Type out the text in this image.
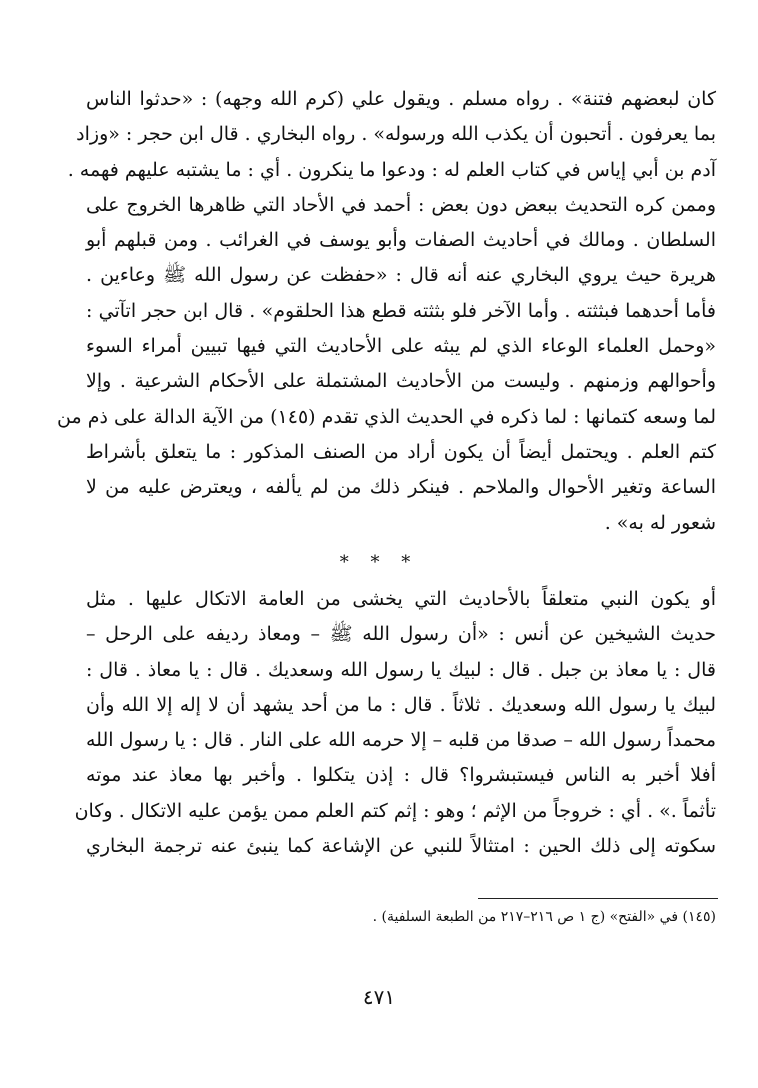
كان لبعضهم فتنة» . رواه مسلم . ويقول علي (كرم الله وجهه) : «حدثوا الناس
بما يعرفون . أتحبون أن يكذب الله ورسوله» . رواه البخاري . قال ابن حجر : «وزاد
آدم بن أبي إياس في كتاب العلم له : ودعوا ما ينكرون . أي : ما يشتبه عليهم فهمه .
وممن كره التحديث ببعض دون بعض : أحمد في الأحاد التي ظاهرها الخروج على
السلطان . ومالك في أحاديث الصفات وأبو يوسف في الغرائب . ومن قبلهم أبو
هريرة حيث يروي البخاري عنه أنه قال : «حفظت عن رسول الله ﷺ وعاءين .
فأما أحدهما فبثثته . وأما الآخر فلو بثثته قطع هذا الحلقوم» . قال ابن حجر اتآتي :
«وحمل العلماء الوعاء الذي لم يبثه على الأحاديث التي فيها تبيين أمراء السوء
وأحوالهم وزمنهم . وليست من الأحاديث المشتملة على الأحكام الشرعية . وإلا
لما وسعه كتمانها : لما ذكره في الحديث الذي تقدم (١٤٥) من الآية الدالة على ذم من
كتم العلم . ويحتمل أيضاً أن يكون أراد من الصنف المذكور : ما يتعلق بأشراط
الساعة وتغير الأحوال والملاحم . فينكر ذلك من لم يألفه ، ويعترض عليه من لا
شعور له به» .
* * *
أو يكون النبي متعلقاً بالأحاديث التي يخشى من العامة الاتكال عليها . مثل
حديث الشيخين عن أنس : «أن رسول الله ﷺ – ومعاذ رديفه على الرحل –
قال : يا معاذ بن جبل . قال : لبيك يا رسول الله وسعديك . قال : يا معاذ . قال :
لبيك يا رسول الله وسعديك . ثلاثاً . قال : ما من أحد يشهد أن لا إله إلا الله وأن
محمداً رسول الله – صدقا من قلبه – إلا حرمه الله على النار . قال : يا رسول الله
أفلا أخبر به الناس فيستبشروا؟ قال : إذن يتكلوا . وأخبر بها معاذ عند موته
تأثماً .» . أي : خروجاً من الإثم ؛ وهو : إثم كتم العلم ممن يؤمن عليه الاتكال . وكان
سكوته إلى ذلك الحين : امتثالاً للنبي عن الإشاعة كما ينبئ عنه ترجمة البخاري
(١٤٥) في «الفتح» (ج ١ ص ٢١٦–٢١٧ من الطبعة السلفية) .
٤٧١
